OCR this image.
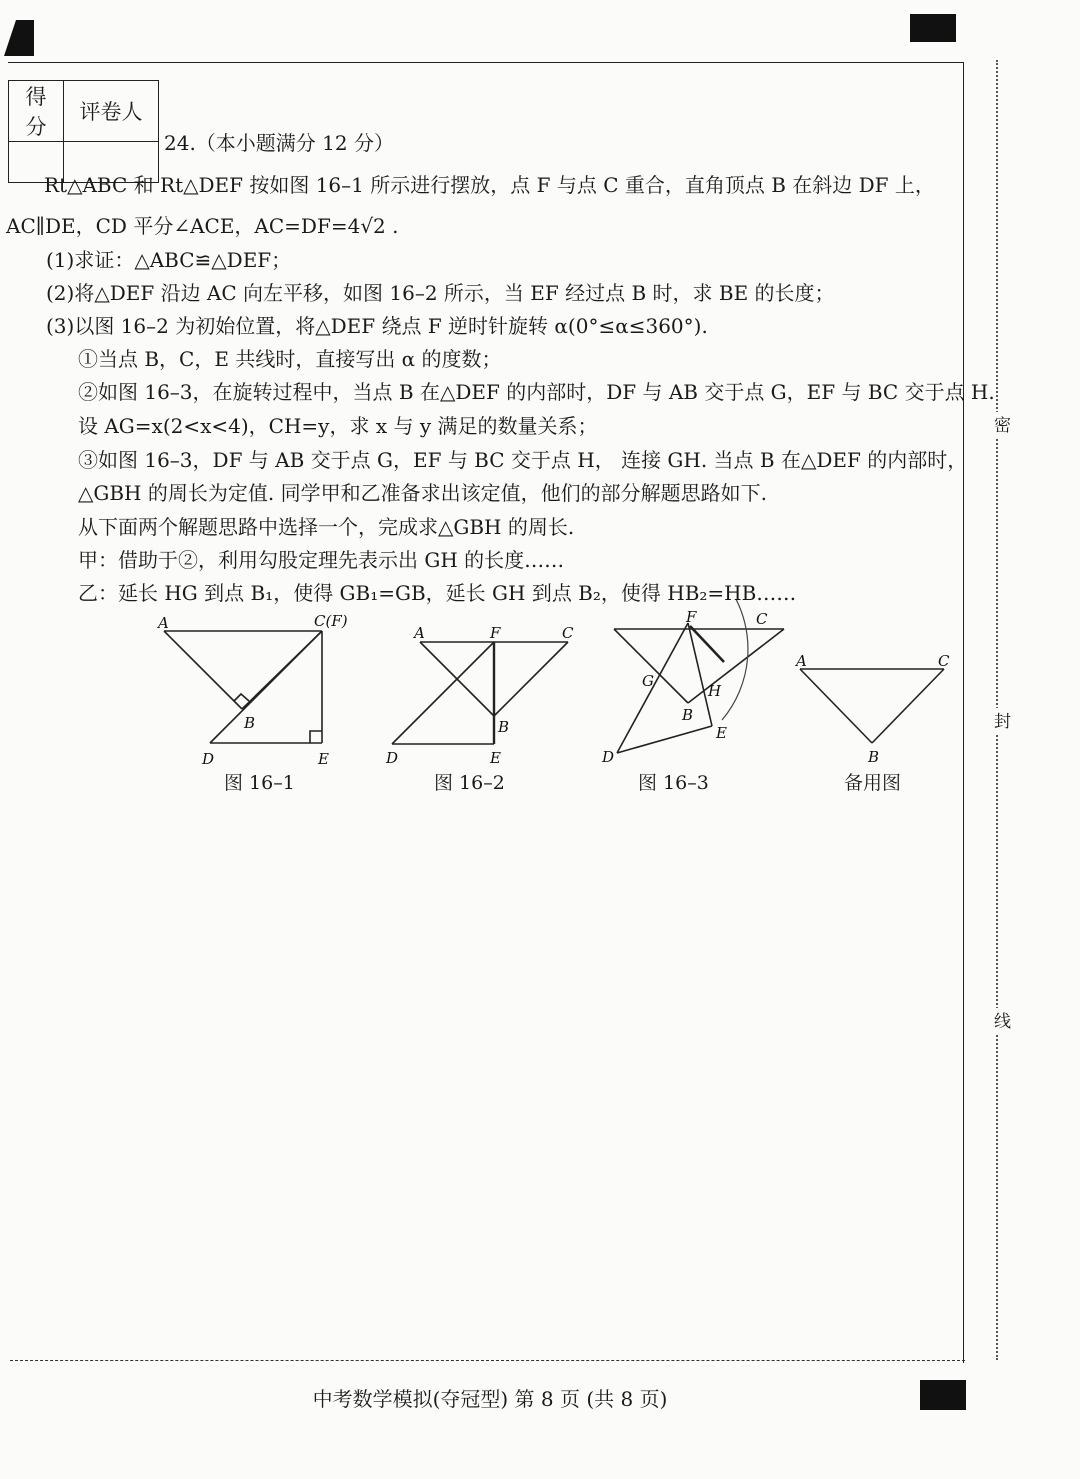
得分	评卷人

24.（本小题满分 12 分）
Rt△ABC 和 Rt△DEF 按如图 16–1 所示进行摆放，点 F 与点 C 重合，直角顶点 B 在斜边 DF 上，
AC∥DE，CD 平分∠ACE，AC=DF=4√2 .
(1)求证：△ABC≌△DEF；
(2)将△DEF 沿边 AC 向左平移，如图 16–2 所示，当 EF 经过点 B 时，求 BE 的长度；
(3)以图 16–2 为初始位置，将△DEF 绕点 F 逆时针旋转 α(0°≤α≤360°).
①当点 B，C，E 共线时，直接写出 α 的度数；
②如图 16–3，在旋转过程中，当点 B 在△DEF 的内部时，DF 与 AB 交于点 G，EF 与 BC 交于点 H.
设 AG=x(2<x<4)，CH=y，求 x 与 y 满足的数量关系；
③如图 16–3，DF 与 AB 交于点 G，EF 与 BC 交于点 H， 连接 GH. 当点 B 在△DEF 的内部时，
△GBH 的周长为定值. 同学甲和乙准备求出该定值，他们的部分解题思路如下.
从下面两个解题思路中选择一个，完成求△GBH 的周长.
甲：借助于②，利用勾股定理先表示出 GH 的长度……
乙：延长 HG 到点 B₁，使得 GB₁=GB，延长 GH 到点 B₂，使得 HB₂=HB……
A	C(F)
B
D	E
A	F	C
B
D	E
F	C
G
H
B
D
E
A	C
B
图 16–1	图 16–2	图 16–3	备用图
密
封
线
中考数学模拟(夺冠型) 第 8 页 (共 8 页)
